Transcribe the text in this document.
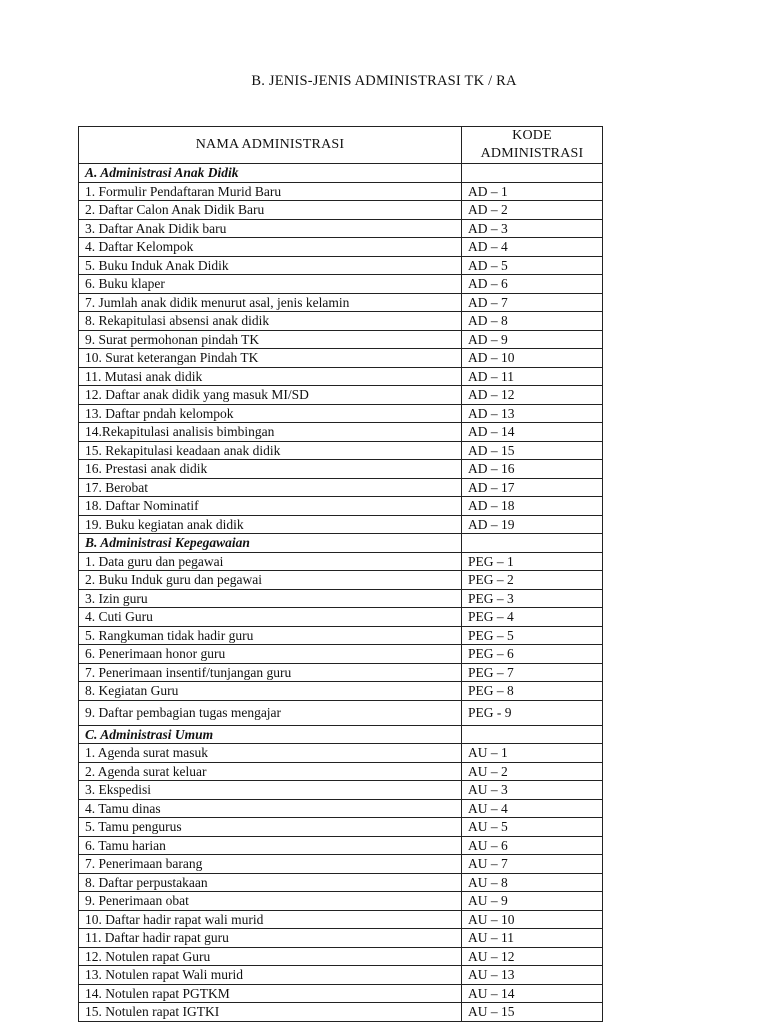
B. JENIS-JENIS ADMINISTRASI TK / RA
NAMA ADMINISTRASI	KODE
ADMINISTRASI

A. Administrasi Anak Didik	
1. Formulir Pendaftaran Murid Baru	AD – 1
2. Daftar Calon Anak Didik Baru	AD – 2
3. Daftar Anak Didik baru	AD – 3
4. Daftar Kelompok	AD – 4
5. Buku Induk Anak Didik	AD – 5
6. Buku klaper	AD – 6
7. Jumlah anak didik menurut asal, jenis kelamin	AD – 7
8. Rekapitulasi absensi anak didik	AD – 8
9. Surat permohonan pindah TK	AD – 9
10. Surat keterangan Pindah TK	AD – 10
11. Mutasi anak didik	AD – 11
12. Daftar anak didik yang masuk MI/SD	AD – 12
13. Daftar pndah kelompok	AD – 13
14.Rekapitulasi analisis bimbingan	AD – 14
15. Rekapitulasi keadaan anak didik	AD – 15
16. Prestasi anak didik	AD – 16
17. Berobat	AD – 17
18. Daftar Nominatif	AD – 18
19. Buku kegiatan anak didik	AD – 19
B. Administrasi Kepegawaian	
1. Data guru dan pegawai	PEG – 1
2. Buku Induk guru dan pegawai	PEG – 2
3. Izin guru	PEG – 3
4. Cuti Guru	PEG – 4
5. Rangkuman tidak hadir guru	PEG – 5
6. Penerimaan honor guru	PEG – 6
7. Penerimaan insentif/tunjangan guru	PEG – 7
8. Kegiatan Guru	PEG – 8
9. Daftar pembagian tugas mengajar	PEG - 9
C. Administrasi Umum	
1. Agenda surat masuk	AU – 1
2. Agenda surat keluar	AU – 2
3. Ekspedisi	AU – 3
4. Tamu dinas	AU – 4
5. Tamu pengurus	AU – 5
6. Tamu harian	AU – 6
7. Penerimaan barang	AU – 7
8. Daftar perpustakaan	AU – 8
9. Penerimaan obat	AU – 9
10. Daftar hadir rapat wali murid	AU – 10
11. Daftar hadir rapat guru	AU – 11
12. Notulen rapat Guru	AU – 12
13. Notulen rapat Wali murid	AU – 13
14. Notulen rapat PGTKM	AU – 14
15. Notulen rapat IGTKI	AU – 15
